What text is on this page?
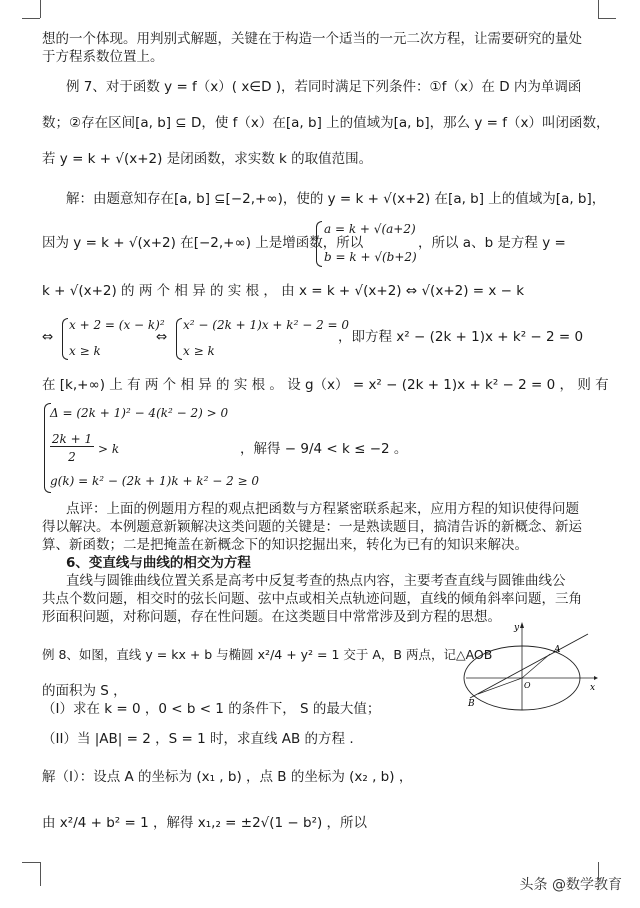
想的一个体现。用判别式解题，关键在于构造一个适当的一元二次方程，让需要研究的量处
于方程系数位置上。
例 7、对于函数 y = f（x）( x∈D )，若同时满足下列条件：①f（x）在 D 内为单调函
数；②存在区间[a, b] ⊆ D，使 f（x）在[a, b] 上的值域为[a, b]，那么 y = f（x）叫闭函数，
若 y = k + √(x+2) 是闭函数，求实数 k 的取值范围。
解：由题意知存在[a, b] ⊆[−2,+∞)，使的 y = k + √(x+2) 在[a, b] 上的值域为[a, b]，
因为 y = k + √(x+2) 在[−2,+∞) 上是增函数，所以
a = k + √(a+2)
b = k + √(b+2)
，所以 a、b 是方程 y =
k + √(x+2) 的 两 个 相 异 的 实 根 ， 由 x = k + √(x+2) ⇔ √(x+2) = x − k
⇔
x + 2 = (x − k)²
x ≥ k
⇔
x² − (2k + 1)x + k² − 2 = 0
x ≥ k
，即方程 x² − (2k + 1)x + k² − 2 = 0
在 [k,+∞) 上 有 两 个 相 异 的 实 根 。 设 g（x） = x² − (2k + 1)x + k² − 2 = 0 ， 则 有
Δ = (2k + 1)² − 4(k² − 2) > 0
2k + 1
2
> k
g(k) = k² − (2k + 1)k + k² − 2 ≥ 0
，解得 − 9/4 < k ≤ −2 。
点评：上面的例题用方程的观点把函数与方程紧密联系起来，应用方程的知识使得问题
得以解决。本例题意新颖解决这类问题的关键是：一是熟读题目，搞清告诉的新概念、新运
算、新函数；二是把掩盖在新概念下的知识挖掘出来，转化为已有的知识来解决。
6、变直线与曲线的相交为方程
直线与圆锥曲线位置关系是高考中反复考查的热点内容，主要考查直线与圆锥曲线公
共点个数问题，相交时的弦长问题、弦中点或相关点轨迹问题，直线的倾角斜率问题，三角
形面积问题，对称问题，存在性问题。在这类题目中常常涉及到方程的思想。
例 8、如图，直线 y = kx + b 与椭圆 x²/4 + y² = 1 交于 A，B 两点，记△AOB
的面积为 S ，
（I）求在 k = 0 ，0 < b < 1 的条件下， S 的最大值；
（II）当 |AB| = 2 ，S = 1 时，求直线 AB 的方程 .
解（I）：设点 A 的坐标为 (x₁ , b) ，点 B 的坐标为 (x₂ , b) ，
由 x²/4 + b² = 1 ，解得 x₁,₂ = ±2√(1 − b²) ，所以
y
x
A
B
O
头条 @数学教育
